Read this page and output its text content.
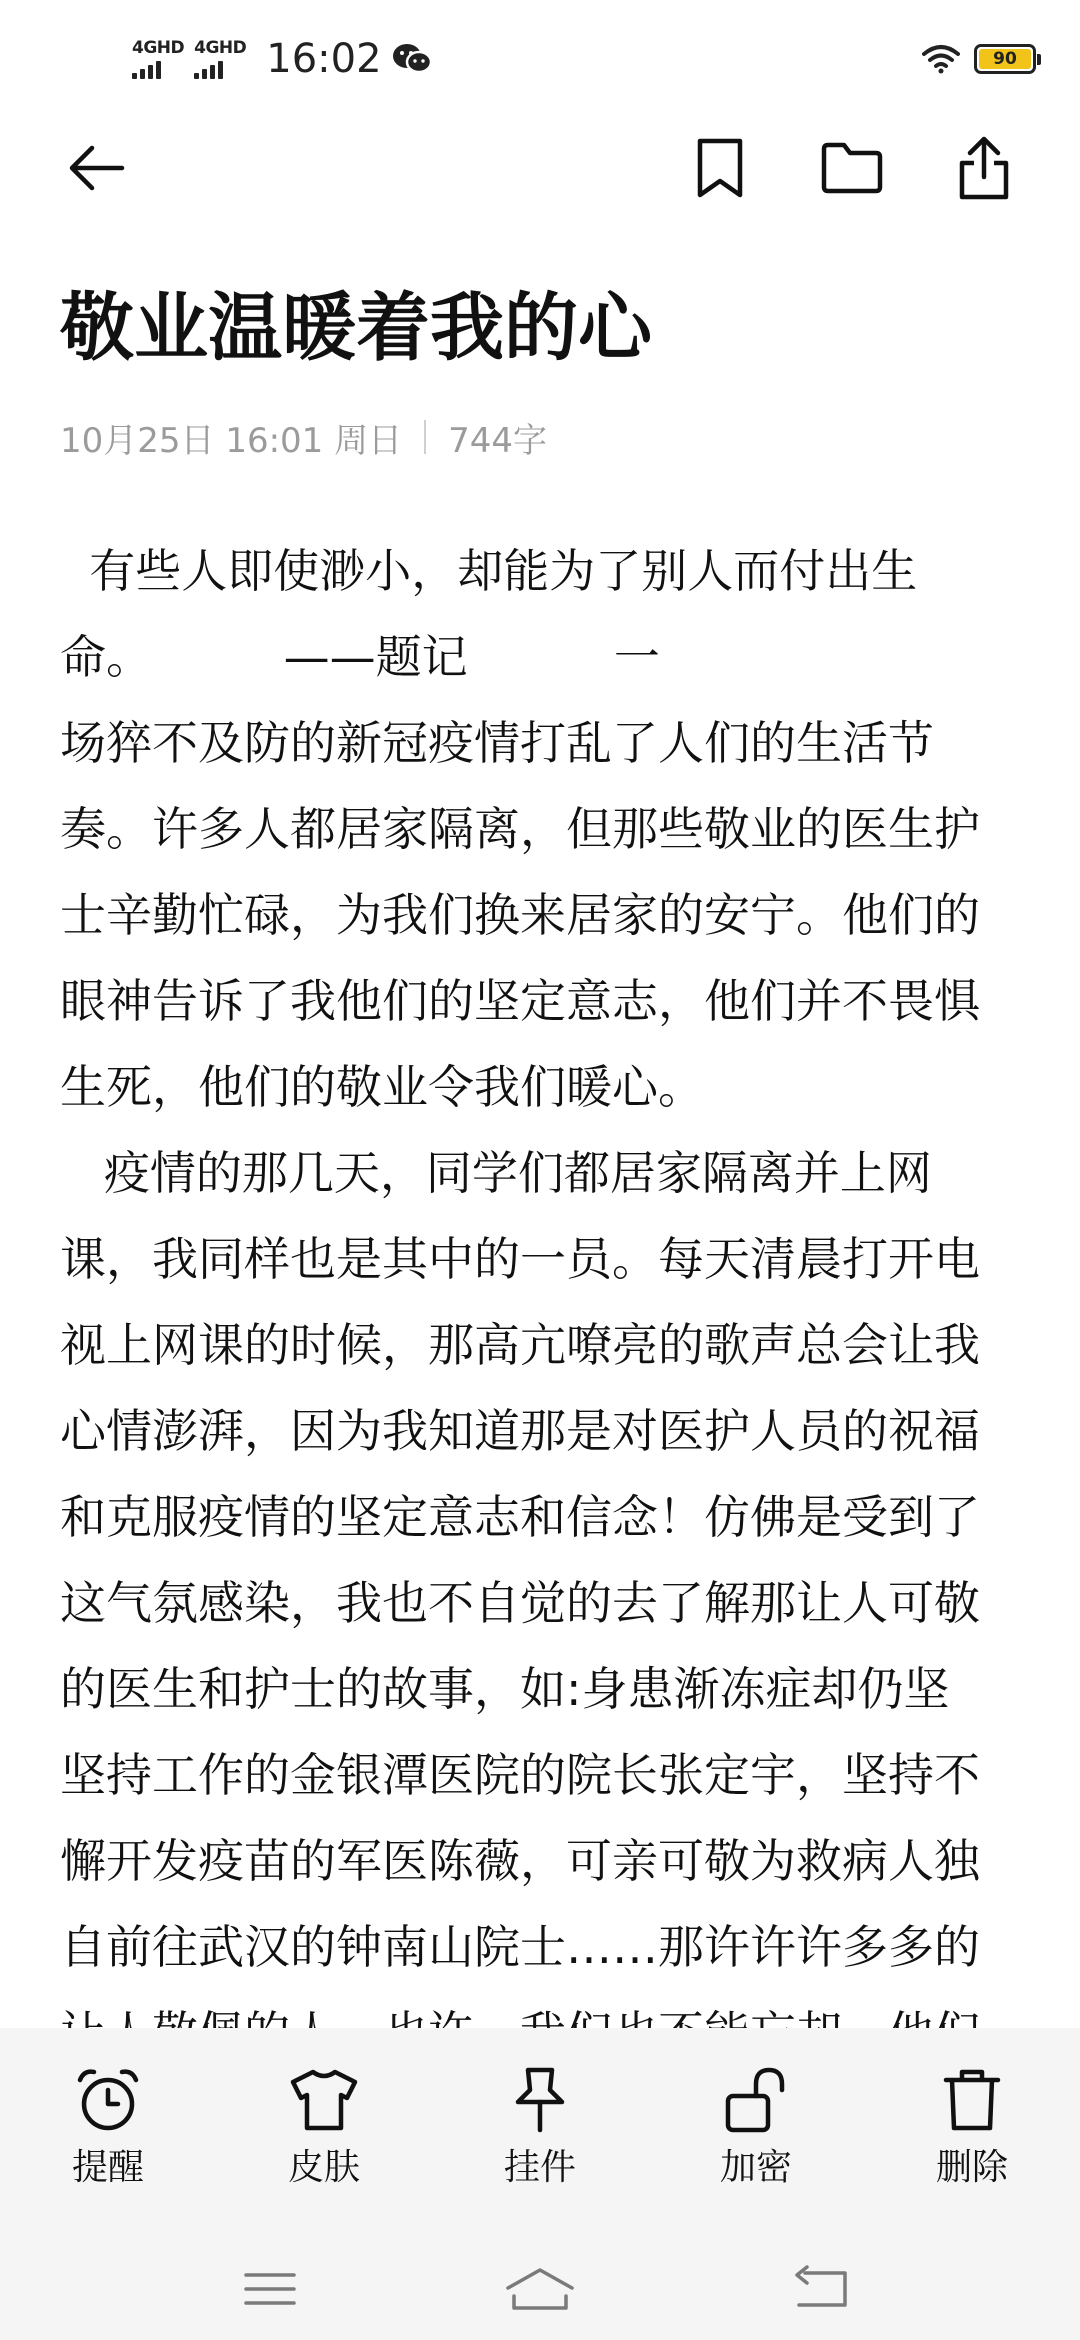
4GHD 4GHD 16:02	90
敬业温暖着我的心
10月25日 16:01 周日 744字
有些人即使渺小，却能为了别人而付出生
命。         ——题记          一
场猝不及防的新冠疫情打乱了人们的生活节
奏。许多人都居家隔离，但那些敬业的医生护
士辛勤忙碌，为我们换来居家的安宁。他们的
眼神告诉了我他们的坚定意志，他们并不畏惧
生死，他们的敬业令我们暖心。
疫情的那几天，同学们都居家隔离并上网
课，我同样也是其中的一员。每天清晨打开电
视上网课的时候，那高亢嘹亮的歌声总会让我
心情澎湃，因为我知道那是对医护人员的祝福
和克服疫情的坚定意志和信念！仿佛是受到了
这气氛感染，我也不自觉的去了解那让人可敬
的医生和护士的故事，如:身患渐冻症却仍坚
坚持工作的金银潭医院的院长张定宇，坚持不
懈开发疫苗的军医陈薇，可亲可敬为救病人独
自前往武汉的钟南山院士……那许许许多多的
提醒	皮肤	挂件	加密	删除
